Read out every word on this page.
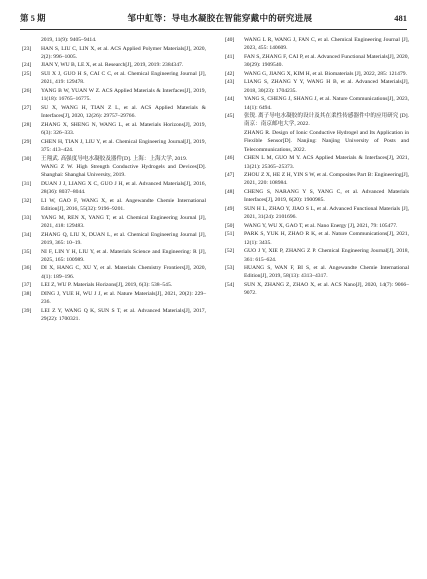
第 5 期	邹中虹等：导电水凝胶在智能穿戴中的研究进展	481
2019, 11(9): 9405–9414.
[23]	HAN S, LIU C, LIN X, et al. ACS Applied Polymer Materials[J], 2020, 2(2): 996–1005.
[24]	JIAN Y, WU B, LE X, et al. Research[J], 2019, 2019: 2384347.
[25]	SUI X J, GUO H S, CAI C C, et al. Chemical Engineering Journal [J], 2021, 419: 129478.
[26]	YANG B W, YUAN W Z. ACS Applied Materials & Interfaces[J], 2019, 11(18): 16765–16775.
[27]	SU X, WANG H, TIAN Z L, et al. ACS Applied Materials & Interfaces[J], 2020, 12(26): 29757–29766.
[28]	ZHANG X, SHENG N, WANG L, et al. Materials Horizons[J], 2019, 6(3): 326–333.
[29]	CHEN H, TIAN J, LIU Y, et al. Chemical Engineering Journal[J], 2019, 375: 413–424.
[30]	王翔武. 高强度导电水凝胶及器件[D]. 上海：上海大学, 2019.
WANG Z W. High Strength Conductive Hydrogels and Devices[D]. Shanghai: Shanghai University, 2019.
[31]	DUAN J J, LIANG X C, GUO J H, et al. Advanced Materials[J], 2016, 28(36): 8037–8044.
[32]	LI W, GAO F, WANG X, et al. Angewandte Chemie International Edition[J], 2016, 55(32): 9196–9201.
[33]	YANG M, REN X, YANG T, et al. Chemical Engineering Journal [J], 2021, 418: 129483.
[34]	ZHANG Q, LIU X, DUAN L, et al. Chemical Engineering Journal [J], 2019, 365: 10–19.
[35]	NI F, LIN Y H, LIU Y, et al. Materials Science and Engineering: R [J], 2025, 165: 100989.
[36]	DI X, HANG C, XU Y, et al. Materials Chemistry Frontiers[J], 2020, 4(1): 189–196.
[37]	LEI Z, WU P. Materials Horizons[J], 2019, 6(3): 538–545.
[38]	DING J, YUE H, WU J J, et al. Nature Materials[J], 2021, 20(2): 229–236.
[39]	LEI Z Y, WANG Q K, SUN S T, et al. Advanced Materials[J], 2017, 29(22): 1700321.
[40]	WANG L R, WANG J, FAN C, et al. Chemical Engineering Journal [J], 2023, 455: 140609.
[41]	FAN S, ZHANG F, CAI P, et al. Advanced Functional Materials[J], 2020, 30(29): 1909540.
[42]	WANG G, JIANG X, KIM H, et al. Biomaterials [J], 2022, 285: 121479.
[43]	LIANG S, ZHANG Y Y, WANG H B, et al. Advanced Materials[J], 2018, 30(23): 1704235.
[44]	YANG S, CHENG J, SHANG J, et al. Nature Communications[J], 2023, 14(1): 6494.
[45]	张锐. 离子导电水凝胶的设计及其在柔性传感器件中的应用研究 [D]. 南京：南京邮电大学, 2022.
ZHANG R. Design of Ionic Conductive Hydrogel and Its Application in Flexible Sensor[D]. Nanjing: Nanjing University of Posts and Telecommunications, 2022.
[46]	CHEN L M, GUO M Y. ACS Applied Materials & Interfaces[J], 2021, 13(21): 25365–25373.
[47]	ZHOU Z X, HE Z H, YIN S W, et al. Composites Part B: Engineering[J], 2021, 220: 108984.
[48]	CHENG S, NARANG Y S, YANG C, et al. Advanced Materials Interfaces[J], 2019, 6(20): 1900985.
[49]	SUN H L, ZHAO Y, JIAO S L, et al. Advanced Functional Materials [J], 2021, 31(24): 2101696.
[50]	WANG Y, WU X, GAO T, et al. Nano Energy [J], 2021, 79: 105477.
[51]	PARK S, YUK H, ZHAO R K, et al. Nature Communications[J], 2021, 12(1): 3435.
[52]	GUO J Y, XIE P, ZHANG Z P. Chemical Engineering Journal[J], 2018, 361: 615–624.
[53]	HUANG S, WAN F, BI S, et al. Angewandte Chemie International Edition[J], 2019, 58(13): 4313–4317.
[54]	SUN X, ZHANG Z, ZHAO X, et al. ACS Nano[J], 2020, 14(7): 9066–9072.
